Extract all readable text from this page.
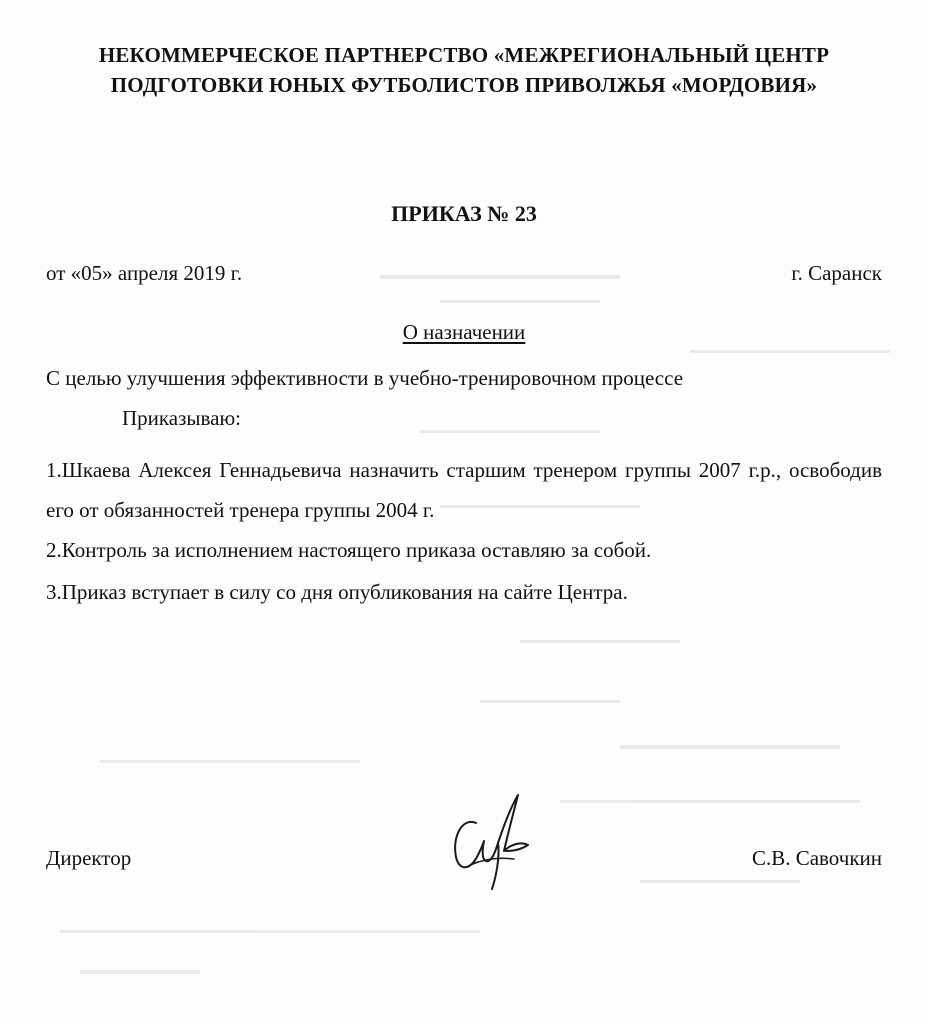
НЕКОММЕРЧЕСКОЕ ПАРТНЕРСТВО «МЕЖРЕГИОНАЛЬНЫЙ ЦЕНТР ПОДГОТОВКИ ЮНЫХ ФУТБОЛИСТОВ ПРИВОЛЖЬЯ «МОРДОВИЯ»
ПРИКАЗ № 23
от «05» апреля 2019 г.	г. Саранск
О назначении
С целью улучшения эффективности в учебно-тренировочном процессе
Приказываю:
1.Шкаева Алексея Геннадьевича назначить старшим тренером группы 2007 г.р., освободив его от обязанностей тренера группы 2004 г.
2.Контроль за исполнением настоящего приказа оставляю за собой.
3.Приказ вступает в силу со дня опубликования на сайте Центра.
Директор	С.В. Савочкин
